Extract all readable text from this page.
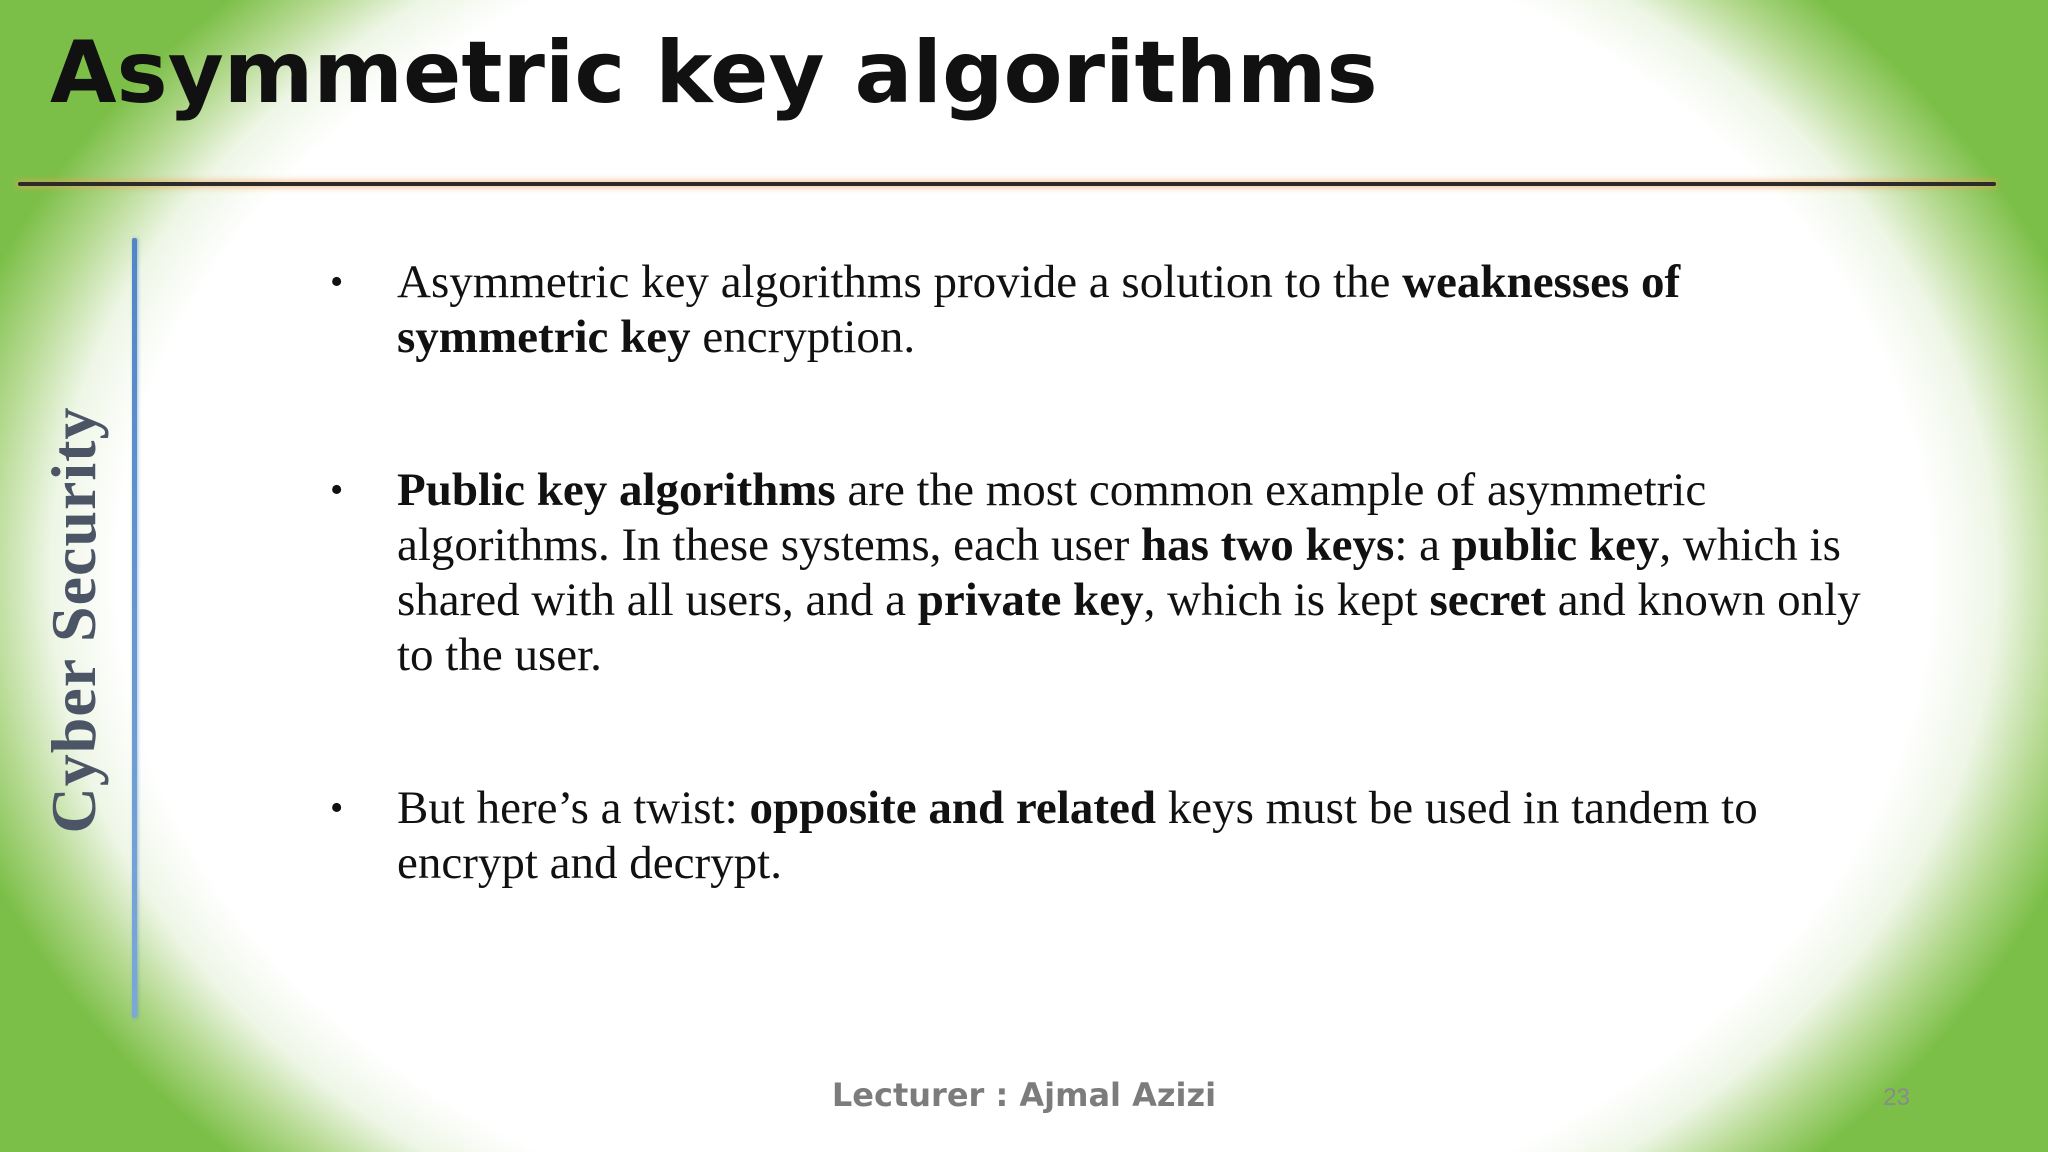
Asymmetric key algorithms
Cyber Security
• Asymmetric key algorithms provide a solution to the weaknesses of symmetric key encryption.
• Public key algorithms are the most common example of asymmetric algorithms. In these systems, each user has two keys: a public key, which is shared with all users, and a private key, which is kept secret and known only to the user.
• But here’s a twist: opposite and related keys must be used in tandem to encrypt and decrypt.
Lecturer : Ajmal Azizi	23
